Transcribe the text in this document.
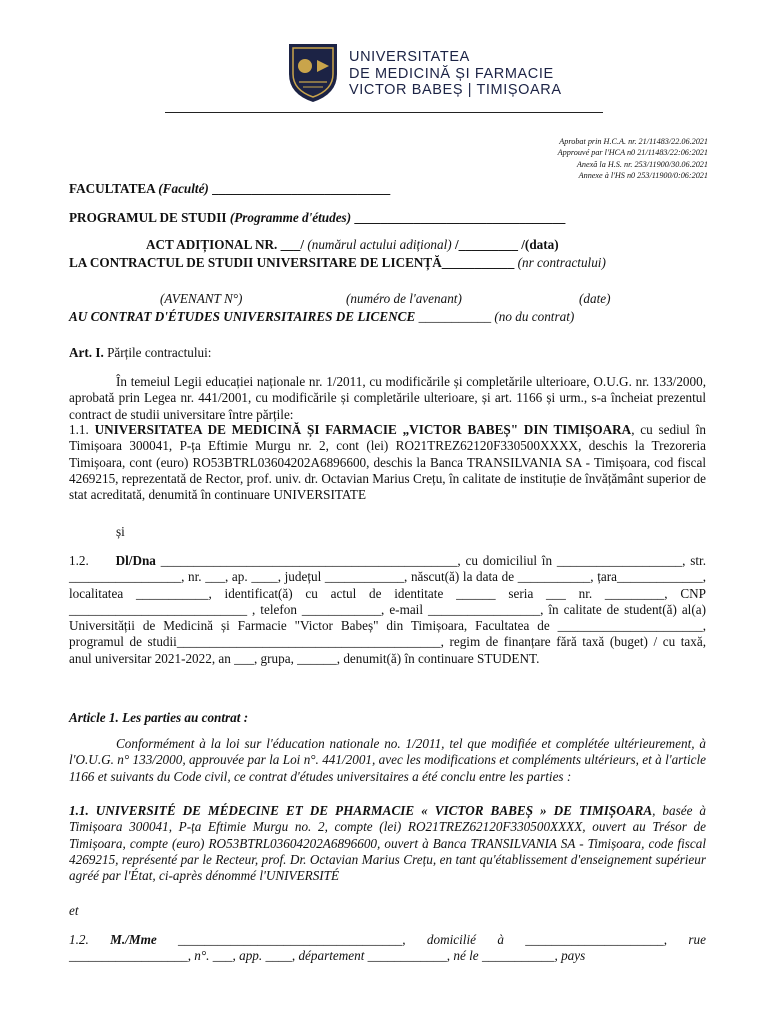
UNIVERSITATEA
DE MEDICINĂ ȘI FARMACIE
VICTOR BABEȘ | TIMIȘOARA
Aprobat prin H.C.A. nr. 21/11483/22.06.2021
Approuvé par l'HCA n0 21/11483/22:06:2021
Anexă la H.S. nr. 253/11900/30.06.2021
Annexe à l'HS n0 253/11900/0:06:2021
FACULTATEA (Faculté) ___________________________
PROGRAMUL DE STUDII (Programme d'études) ________________________________
ACT ADIȚIONAL NR. ___/ (numărul actului adițional) /_________ /(data)
LA CONTRACTUL DE STUDII UNIVERSITARE DE LICENȚĂ___________ (nr contractului)
(AVENANT N°)	(numéro de l'avenant)	(date)
AU CONTRAT D'ÉTUDES UNIVERSITAIRES DE LICENCE ___________ (no du contrat)
Art. I. Părțile contractului:
În temeiul Legii educației naționale nr. 1/2011, cu modificările și completările ulterioare, O.U.G. nr. 133/2000, aprobată prin Legea nr. 441/2001, cu modificările și completările ulterioare, și art. 1166 și urm., s-a încheiat prezentul contract de studii universitare între părțile:
1.1. UNIVERSITATEA DE MEDICINĂ ȘI FARMACIE „VICTOR BABEȘ" DIN TIMIȘOARA, cu sediul în Timișoara 300041, P-ța Eftimie Murgu nr. 2, cont (lei) RO21TREZ62120F330500XXXX, deschis la Trezoreria Timișoara, cont (euro) RO53BTRL03604202A6896600, deschis la Banca TRANSILVANIA SA - Timișoara, cod fiscal 4269215, reprezentată de Rector, prof. univ. dr. Octavian Marius Crețu, în calitate de instituție de învățământ superior de stat acreditată, denumită în continuare UNIVERSITATE
și
1.2. Dl/Dna _____________________________________________, cu domiciliul în ___________________, str. _________________, nr. ___, ap. ____, județul ____________, născut(ă) la data de ___________, țara_____________, localitatea ___________, identificat(ă) cu actul de identitate ______ seria ___ nr. _________, CNP ___________________________ , telefon ____________, e-mail _________________, în calitate de student(ă) al(a) Universității de Medicină și Farmacie "Victor Babeș" din Timișoara, Facultatea de ______________________, programul de studii________________________________________, regim de finanțare fără taxă (buget) / cu taxă, anul universitar 2021-2022, an ___, grupa, ______, denumit(ă) în continuare STUDENT.
Article 1. Les parties au contrat :
Conformément à la loi sur l'éducation nationale no. 1/2011, tel que modifiée et complétée ultérieurement, à l'O.U.G. n° 133/2000, approuvée par la Loi n°. 441/2001, avec les modifications et compléments ultérieurs, et à l'article 1166 et suivants du Code civil, ce contrat d'études universitaires a été conclu entre les parties :
1.1. UNIVERSITÉ DE MÉDECINE ET DE PHARMACIE « VICTOR BABEȘ » DE TIMIȘOARA, basée à Timișoara 300041, P-ța Eftimie Murgu no. 2, compte (lei) RO21TREZ62120F330500XXXX, ouvert au Trésor de Timișoara, compte (euro) RO53BTRL03604202A6896600, ouvert à Banca TRANSILVANIA SA - Timișoara, code fiscal 4269215, représenté par le Recteur, prof. Dr. Octavian Marius Crețu, en tant qu'établissement d'enseignement supérieur agréé par l'État, ci-après dénommé l'UNIVERSITÉ
et
1.2. M./Mme __________________________________, domicilié à _____________________, rue __________________, n°. ___, app. ____, département ____________, né le ___________, pays
